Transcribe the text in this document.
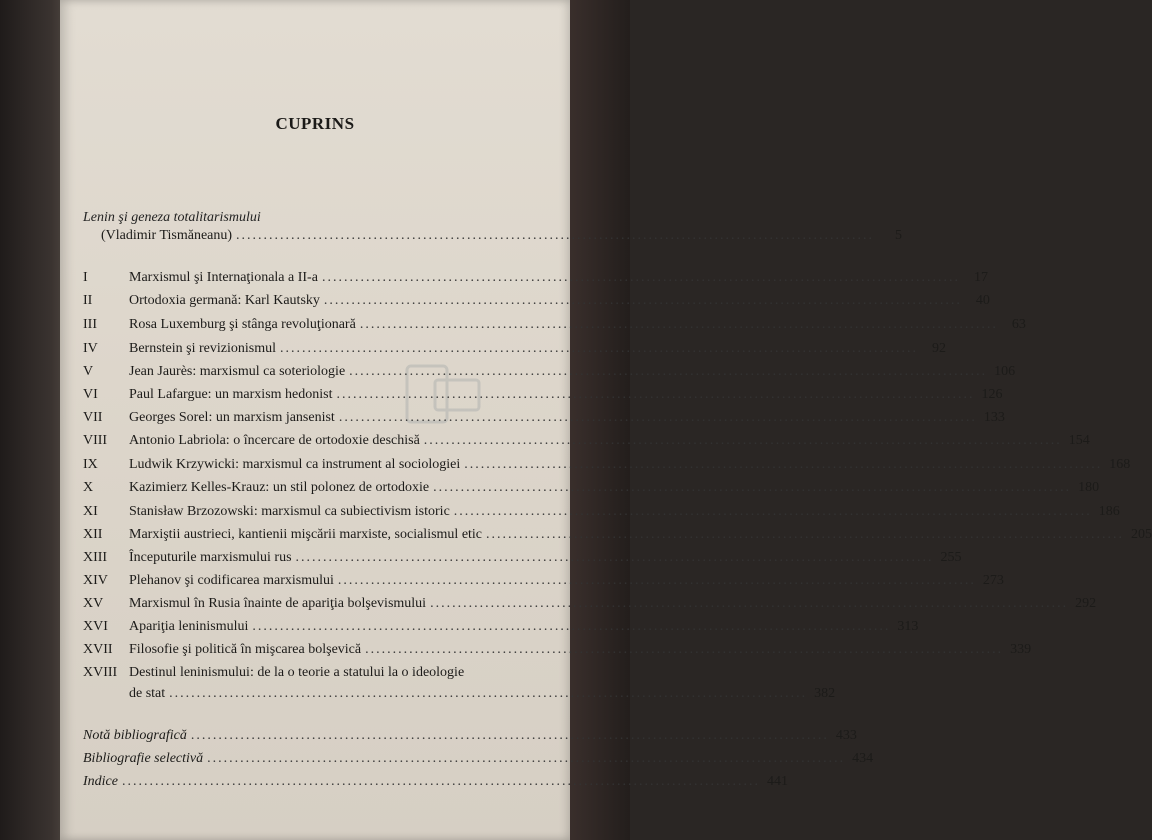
CUPRINS
Lenin şi geneza totalitarismului
(Vladimir Tismăneanu) ....................................................................................................................	5
I	Marxismul şi Internaţionala a II-a ....................................................................................................................	17
II	Ortodoxia germană: Karl Kautsky ....................................................................................................................	40
III	Rosa Luxemburg şi stânga revoluţionară ....................................................................................................................	63
IV	Bernstein şi revizionismul ....................................................................................................................	92
V	Jean Jaurès: marxismul ca soteriologie .................................................................................................................... 106
VI	Paul Lafargue: un marxism hedonist .................................................................................................................... 126
VII	Georges Sorel: un marxism jansenist .................................................................................................................... 133
VIII	Antonio Labriola: o încercare de ortodoxie deschisă .................................................................................................................... 154
IX	Ludwik Krzywicki: marxismul ca instrument al sociologiei .................................................................................................................... 168
X	Kazimierz Kelles-Krauz: un stil polonez de ortodoxie .................................................................................................................... 180
XI	Stanisław Brzozowski: marxismul ca subiectivism istoric .................................................................................................................... 186
XII	Marxiştii austrieci, kantienii mişcării marxiste, socialismul etic .................................................................................................................... 205
XIII	Începuturile marxismului rus .................................................................................................................... 255
XIV	Plehanov şi codificarea marxismului .................................................................................................................... 273
XV	Marxismul în Rusia înainte de apariţia bolşevismului .................................................................................................................... 292
XVI	Apariţia leninismului .................................................................................................................... 313
XVII	Filosofie şi politică în mişcarea bolşevică .................................................................................................................... 339
XVIII Destinul leninismului: de la o teorie a statului la o ideologie
de stat .................................................................................................................... 382
Notă bibliografică .................................................................................................................... 433
Bibliografie selectivă .................................................................................................................... 434
Indice .................................................................................................................... 441
